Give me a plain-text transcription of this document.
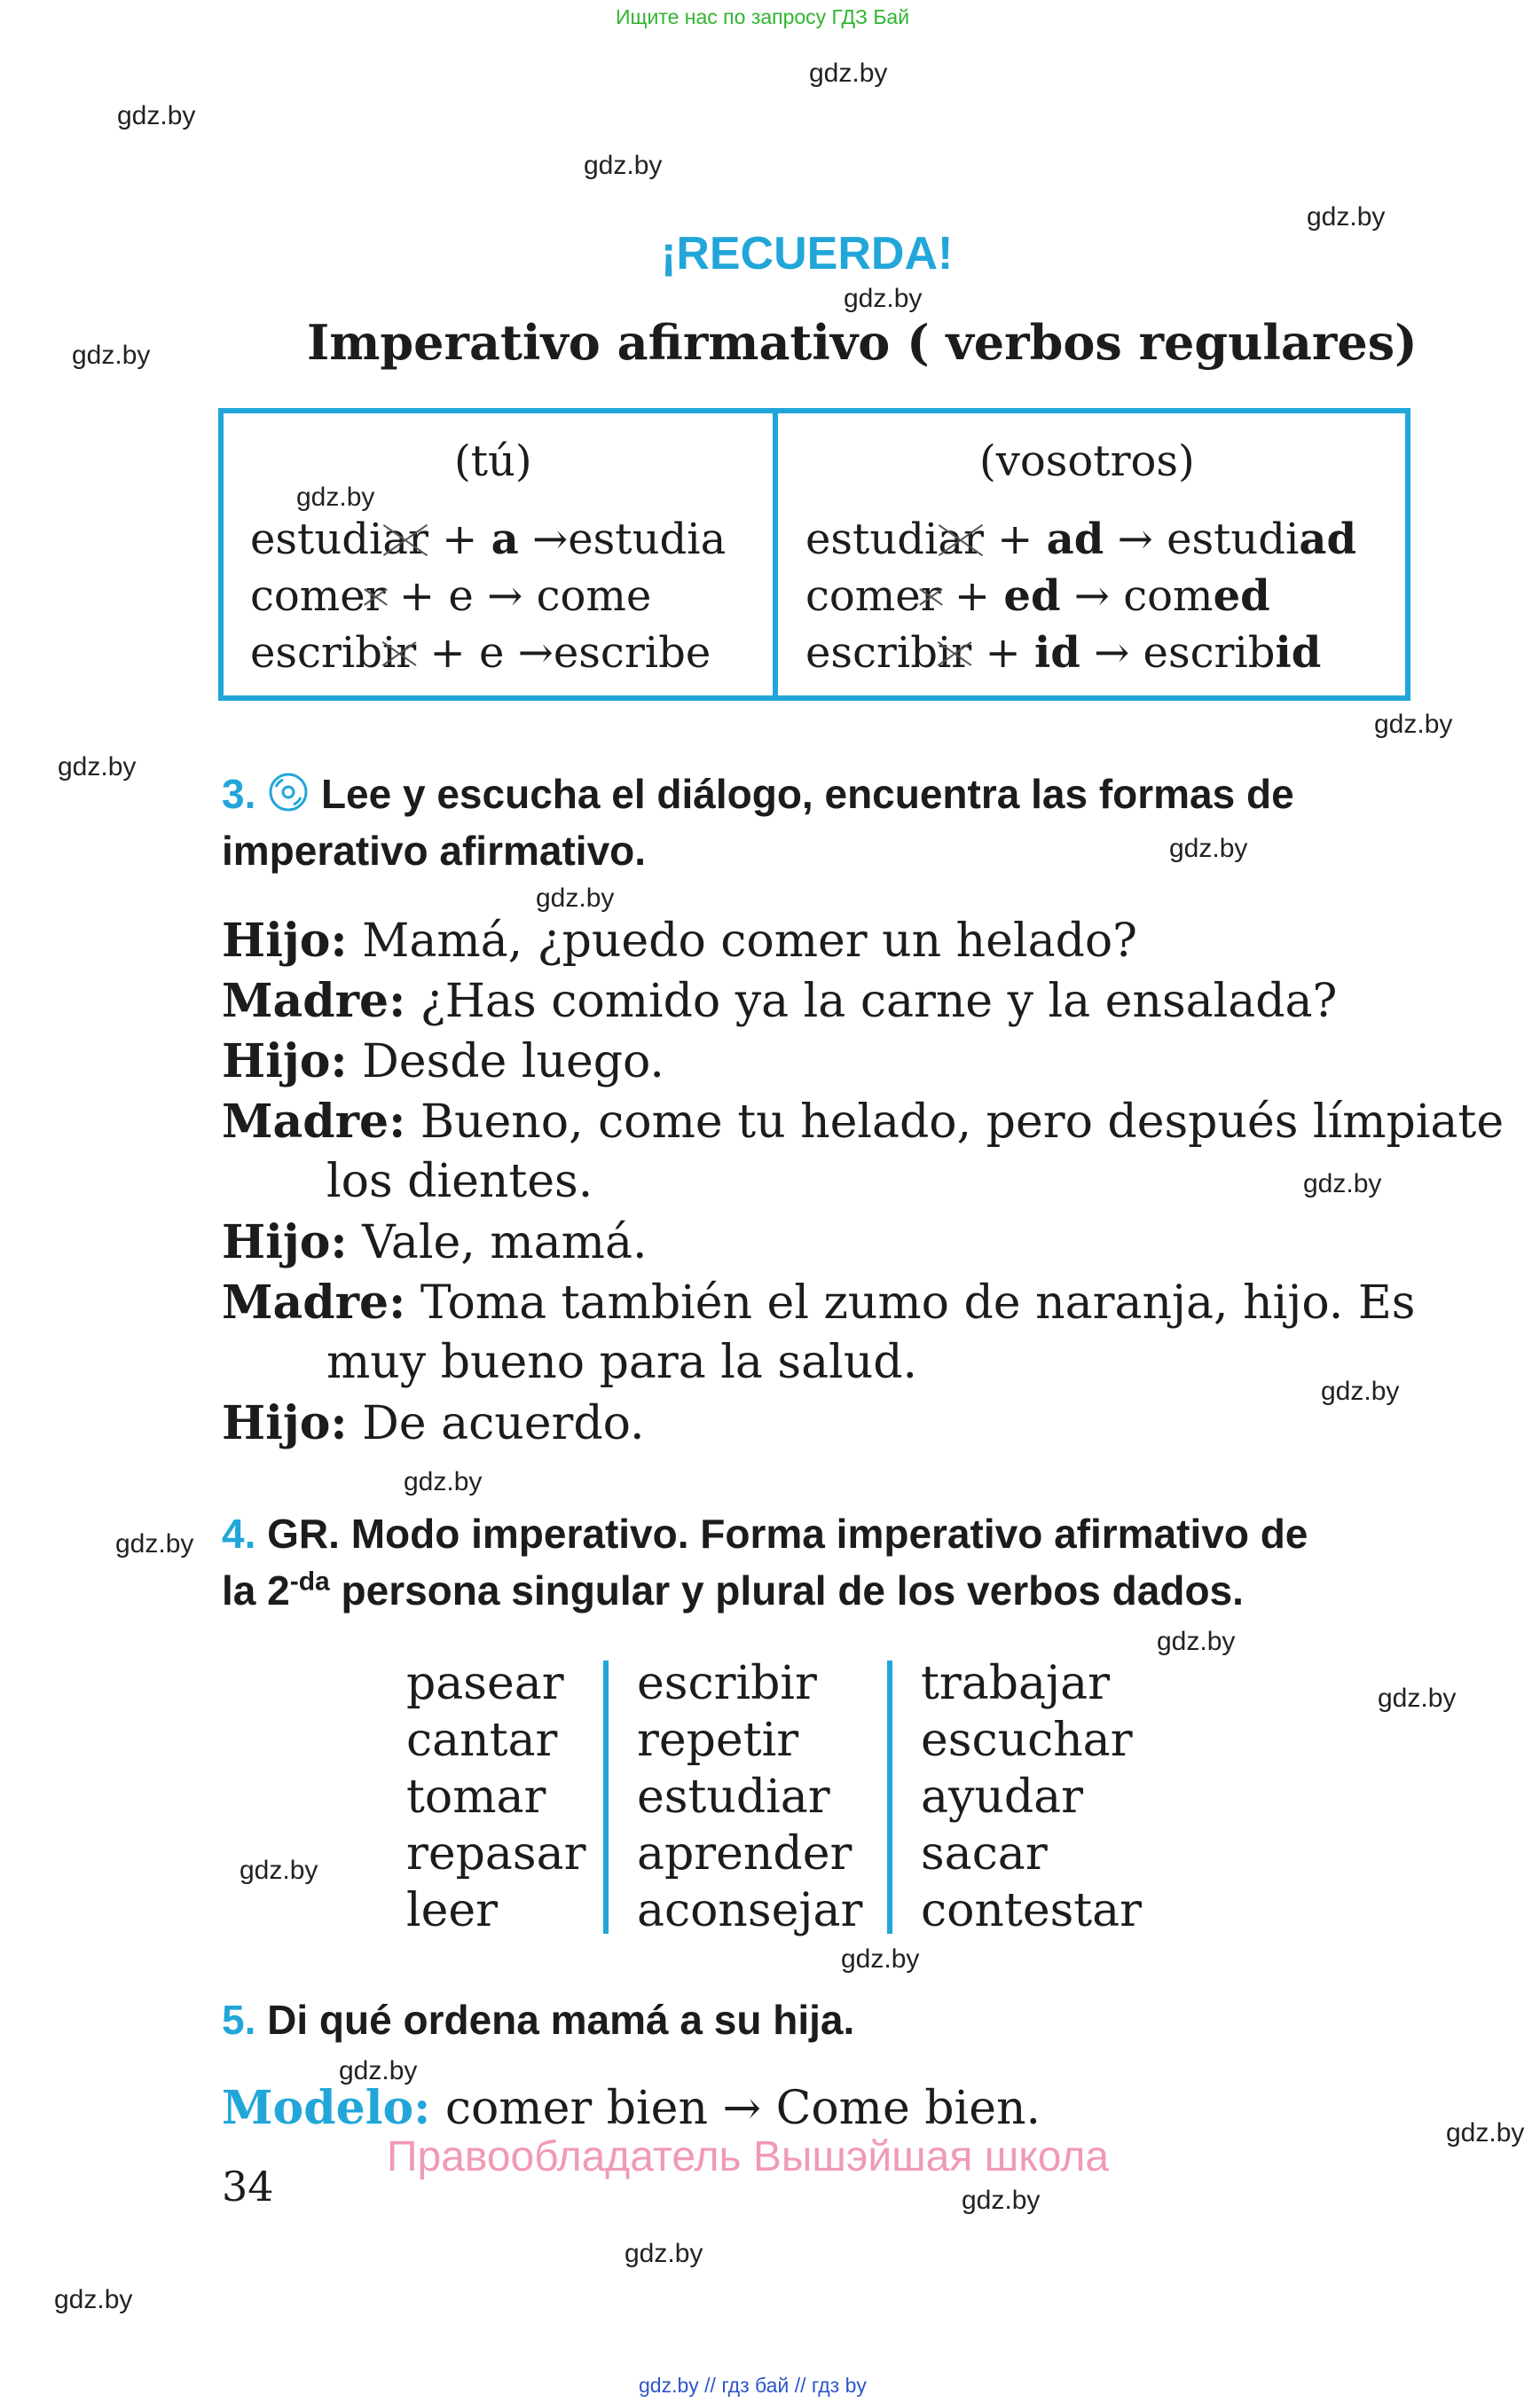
Ищите нас по запросу ГДЗ Бай
gdz.by
gdz.by
gdz.by
gdz.by
gdz.by
gdz.by
gdz.by
gdz.by
gdz.by
gdz.by
gdz.by
gdz.by
gdz.by
gdz.by
gdz.by
gdz.by
gdz.by
gdz.by
gdz.by
gdz.by
gdz.by
gdz.by
gdz.by
gdz.by
¡RECUERDA!
Imperativo afirmativo ( verbos regulares)
(tú)	(vosotros)
estudiar + a →estudia
comer + e → come
escribir + e →escribe
estudiar + ad → estudiad
comer + ed → comed
escribir + id → escribid
3. Lee y escucha el diálogo, encuentra las formas de
imperativo afirmativo.
Hijo: Mamá, ¿puedo comer un helado?
Madre: ¿Has comido ya la carne y la ensalada?
Hijo: Desde luego.
Madre: Bueno, come tu helado, pero después límpiate
los dientes.
Hijo: Vale, mamá.
Madre: Toma también el zumo de naranja, hijo. Es
muy bueno para la salud.
Hijo: De acuerdo.
4. GR. Modo imperativo. Forma imperativo afirmativo de
la $2^{-da}$ persona singular y plural de los verbos dados.
pasear
cantar
tomar
repasar
leer
escribir
repetir
estudiar
aprender
aconsejar
trabajar
escuchar
ayudar
sacar
contestar
5. Di qué ordena mamá a su hija.
Modelo: comer bien → Come bien.
34
Правообладатель Вышэйшая школа
gdz.by // гдз бай // гдз by
